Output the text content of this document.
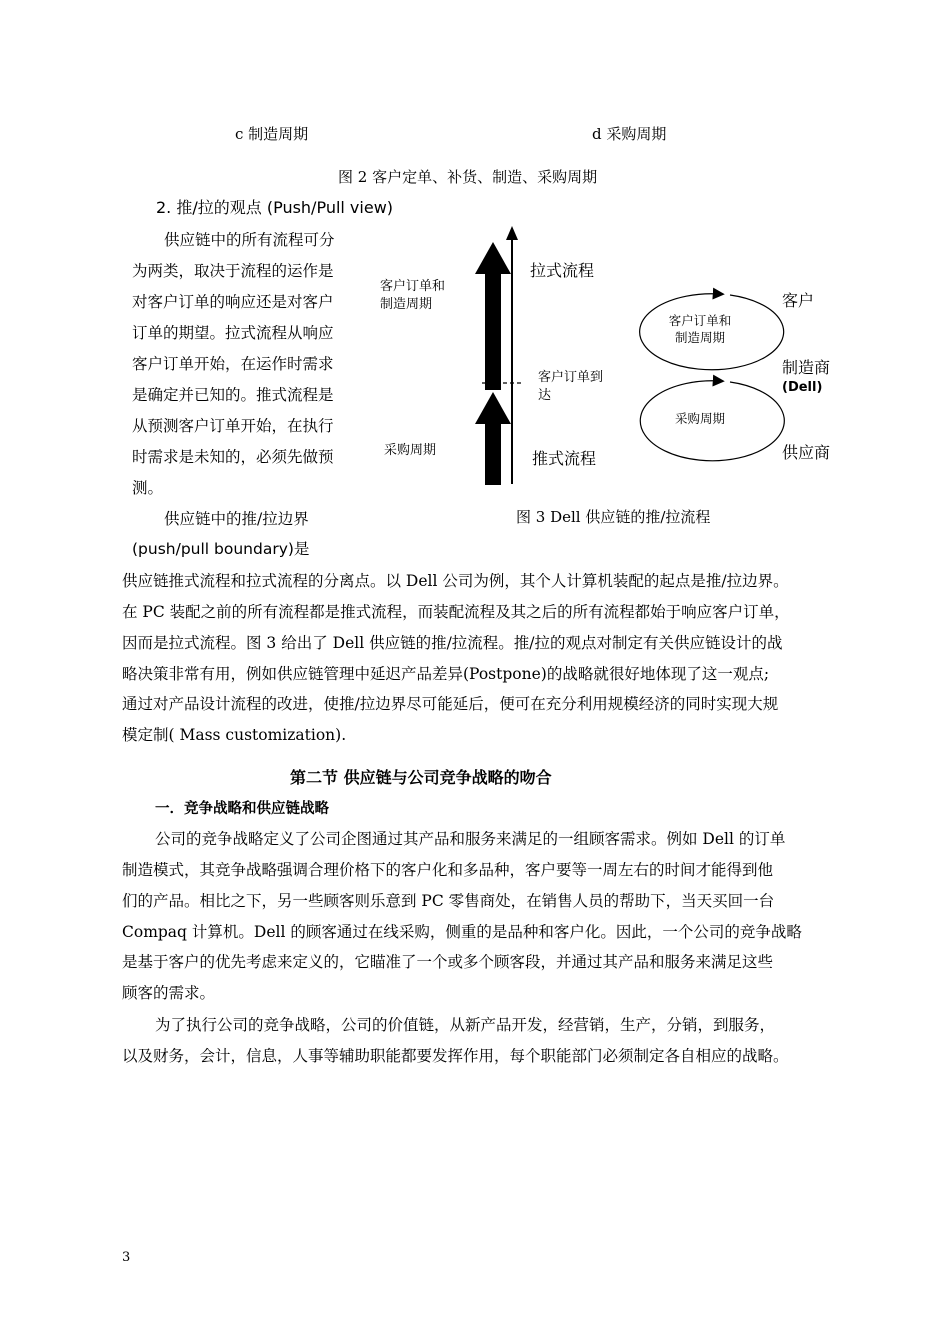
c 制造周期	d 采购周期
图 2 客户定单、补货、制造、采购周期
2. 推/拉的观点 (Push/Pull view)
供应链中的所有流程可分
为两类，取决于流程的运作是
对客户订单的响应还是对客户
订单的期望。拉式流程从响应
客户订单开始，在运作时需求
是确定并已知的。推式流程是
从预测客户订单开始，在执行
时需求是未知的，必须先做预
测。
供应链中的推/拉边界
(push/pull boundary)是
客户订单和
制造周期
拉式流程
客户订单到
达
采购周期	推式流程
客户订单和
制造周期
采购周期
客户
制造商
(Dell)
供应商
图 3 Dell 供应链的推/拉流程
供应链推式流程和拉式流程的分离点。以 Dell 公司为例，其个人计算机装配的起点是推/拉边界。
在 PC 装配之前的所有流程都是推式流程，而装配流程及其之后的所有流程都始于响应客户订单，
因而是拉式流程。图 3 给出了 Dell 供应链的推/拉流程。推/拉的观点对制定有关供应链设计的战
略决策非常有用，例如供应链管理中延迟产品差异(Postpone)的战略就很好地体现了这一观点;
通过对产品设计流程的改进，使推/拉边界尽可能延后，便可在充分利用规模经济的同时实现大规
模定制( Mass customization).
第二节 供应链与公司竞争战略的吻合
一．竞争战略和供应链战略
公司的竞争战略定义了公司企图通过其产品和服务来满足的一组顾客需求。例如 Dell 的订单
制造模式，其竞争战略强调合理价格下的客户化和多品种，客户要等一周左右的时间才能得到他
们的产品。相比之下，另一些顾客则乐意到 PC 零售商处，在销售人员的帮助下，当天买回一台
Compaq 计算机。Dell 的顾客通过在线采购，侧重的是品种和客户化。因此，一个公司的竞争战略
是基于客户的优先考虑来定义的，它瞄准了一个或多个顾客段，并通过其产品和服务来满足这些
顾客的需求。
为了执行公司的竞争战略，公司的价值链，从新产品开发，经营销，生产，分销，到服务，
以及财务，会计，信息，人事等辅助职能都要发挥作用，每个职能部门必须制定各自相应的战略。
3
